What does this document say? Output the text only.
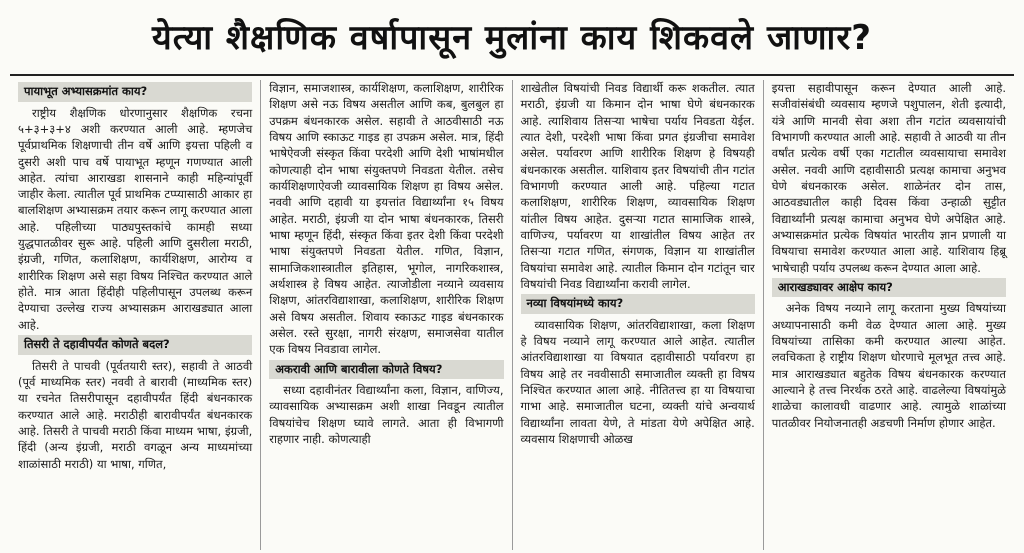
येत्या शैक्षणिक वर्षापासून मुलांना काय शिकवले जाणार?
पायाभूत अभ्यासक्रमांत काय?

राष्ट्रीय शैक्षणिक धोरणानुसार शैक्षणिक रचना ५+३+३+४ अशी करण्यात आली आहे. म्हणजेच पूर्वप्राथमिक शिक्षणाची तीन वर्षे आणि इयत्ता पहिली व दुसरी अशी पाच वर्षे पायाभूत म्हणून गणण्यात आली आहेत. त्यांचा आराखडा शासनाने काही महिन्यांपूर्वी जाहीर केला. त्यातील पूर्व प्राथमिक टप्प्यासाठी आकार हा बालशिक्षण अभ्यासक्रम तयार करून लागू करण्यात आला आहे. पहिलीच्या पाठ्यपुस्तकांचे कामही सध्या युद्धपातळीवर सुरू आहे. पहिली आणि दुसरीला मराठी, इंग्रजी, गणित, कलाशिक्षण, कार्यशिक्षण, आरोग्य व शारीरिक शिक्षण असे सहा विषय निश्चित करण्यात आले होते. मात्र आता हिंदीही पहिलीपासून उपलब्ध करून देण्याचा उल्लेख राज्य अभ्यासक्रम आराखड्यात आला आहे.

तिसरी ते दहावीपर्यंत कोणते बदल?

तिसरी ते पाचवी (पूर्वतयारी स्तर), सहावी ते आठवी (पूर्व माध्यमिक स्तर) नववी ते बारावी (माध्यमिक स्तर) या रचनेत तिसरीपासून दहावीपर्यंत हिंदी बंधनकारक करण्यात आले आहे. मराठीही बारावीपर्यंत बंधनकारक आहे. तिसरी ते पाचवी मराठी किंवा माध्यम भाषा, इंग्रजी, हिंदी (अन्य इंग्रजी, मराठी वगळून अन्य माध्यमांच्या शाळांसाठी मराठी) या भाषा, गणित,

विज्ञान, समाजशास्त्र, कार्यशिक्षण, कलाशिक्षण, शारीरिक शिक्षण असे नऊ विषय असतील आणि कब, बुलबुल हा उपक्रम बंधनकारक असेल. सहावी ते आठवीसाठी नऊ विषय आणि स्काऊट गाइड हा उपक्रम असेल. मात्र, हिंदी भाषेऐवजी संस्कृत किंवा परदेशी आणि देशी भाषांमधील कोणत्याही दोन भाषा संयुक्तपणे निवडता येतील. तसेच कार्यशिक्षणाऐवजी व्यावसायिक शिक्षण हा विषय असेल. नववी आणि दहावी या इयत्तांत विद्यार्थ्यांना १५ विषय आहेत. मराठी, इंग्रजी या दोन भाषा बंधनकारक, तिसरी भाषा म्हणून हिंदी, संस्कृत किंवा इतर देशी किंवा परदेशी भाषा संयुक्तपणे निवडता येतील. गणित, विज्ञान, सामाजिकशास्त्रातील इतिहास, भूगोल, नागरिकशास्त्र, अर्थशास्त्र हे विषय आहेत. त्याजोडीला नव्याने व्यवसाय शिक्षण, आंतरविद्याशाखा, कलाशिक्षण, शारीरिक शिक्षण असे विषय असतील. शिवाय स्काऊट गाइड बंधनकारक असेल. रस्ते सुरक्षा, नागरी संरक्षण, समाजसेवा यातील एक विषय निवडावा लागेल.

अकरावी आणि बारावीला कोणते विषय?

सध्या दहावीनंतर विद्यार्थ्यांना कला, विज्ञान, वाणिज्य, व्यावसायिक अभ्यासक्रम अशी शाखा निवडून त्यातील विषयांचेच शिक्षण घ्यावे लागते. आता ही विभागणी राहणार नाही. कोणत्याही

शाखेतील विषयांची निवड विद्यार्थी करू शकतील. त्यात मराठी, इंग्रजी या किमान दोन भाषा घेणे बंधनकारक आहे. त्याशिवाय तिसऱ्या भाषेचा पर्याय निवडता येईल. त्यात देशी, परदेशी भाषा किंवा प्रगत इंग्रजीचा समावेश असेल. पर्यावरण आणि शारीरिक शिक्षण हे विषयही बंधनकारक असतील. याशिवाय इतर विषयांची तीन गटांत विभागणी करण्यात आली आहे. पहिल्या गटात कलाशिक्षण, शारीरिक शिक्षण, व्यावसायिक शिक्षण यांतील विषय आहेत. दुसऱ्या गटात सामाजिक शास्त्रे, वाणिज्य, पर्यावरण या शाखांतील विषय आहेत तर तिसऱ्या गटात गणित, संगणक, विज्ञान या शाखांतील विषयांचा समावेश आहे. त्यातील किमान दोन गटांतून चार विषयांची निवड विद्यार्थ्यांना करावी लागेल.

नव्या विषयांमध्ये काय?

व्यावसायिक शिक्षण, आंतरविद्याशाखा, कला शिक्षण हे विषय नव्याने लागू करण्यात आले आहेत. त्यातील आंतरविद्याशाखा या विषयात दहावीसाठी पर्यावरण हा विषय आहे तर नववीसाठी समाजातील व्यक्ती हा विषय निश्चित करण्यात आला आहे. नीतितत्त्व हा या विषयाचा गाभा आहे. समाजातील घटना, व्यक्ती यांचे अन्वयार्थ विद्यार्थ्यांना लावता येणे, ते मांडता येणे अपेक्षित आहे. व्यवसाय शिक्षणाची ओळख

इयत्ता सहावीपासून करून देण्यात आली आहे. सजीवांसंबंधी व्यवसाय म्हणजे पशुपालन, शेती इत्यादी, यंत्रे आणि मानवी सेवा अशा तीन गटांत व्यवसायांची विभागणी करण्यात आली आहे. सहावी ते आठवी या तीन वर्षांत प्रत्येक वर्षी एका गटातील व्यवसायाचा समावेश असेल. नववी आणि दहावीसाठी प्रत्यक्ष कामाचा अनुभव घेणे बंधनकारक असेल. शाळेनंतर दोन तास, आठवड्यातील काही दिवस किंवा उन्हाळी सुट्टीत विद्यार्थ्यांनी प्रत्यक्ष कामाचा अनुभव घेणे अपेक्षित आहे. अभ्यासक्रमांत प्रत्येक विषयांत भारतीय ज्ञान प्रणाली या विषयाचा समावेश करण्यात आला आहे. याशिवाय हिब्रू भाषेचाही पर्याय उपलब्ध करून देण्यात आला आहे.

आराखड्यावर आक्षेप काय?

अनेक विषय नव्याने लागू करताना मुख्य विषयांच्या अध्यापनासाठी कमी वेळ देण्यात आला आहे. मुख्य विषयांच्या तासिका कमी करण्यात आल्या आहेत. लवचिकता हे राष्ट्रीय शिक्षण धोरणाचे मूलभूत तत्त्व आहे. मात्र आराखड्यात बहुतेक विषय बंधनकारक करण्यात आल्याने हे तत्त्व निरर्थक ठरते आहे. वाढलेल्या विषयांमुळे शाळेचा कालावधी वाढणार आहे. त्यामुळे शाळांच्या पातळीवर नियोजनातही अडचणी निर्माण होणार आहेत.
